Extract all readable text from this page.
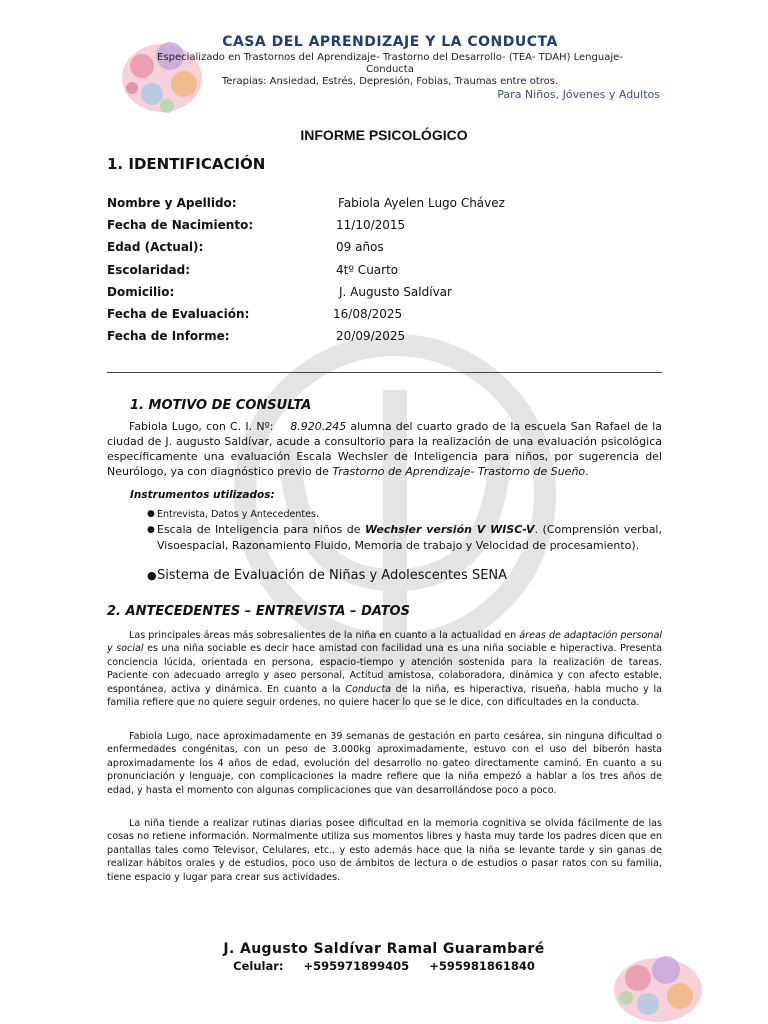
CASA DEL APRENDIZAJE Y LA CONDUCTA
Especializado en Trastornos del Aprendizaje- Trastorno del Desarrollo- (TEA- TDAH) Lenguaje-
Conducta
Terapias: Ansiedad, Estrés, Depresión, Fobias, Traumas entre otros.
Para Niños, Jóvenes y Adultos
INFORME PSICOLÓGICO
1. IDENTIFICACIÓN
Nombre y Apellido:	Fabiola Ayelen Lugo Chávez
Fecha de Nacimiento:	11/10/2015
Edad (Actual):	09 años
Escolaridad:	4tº Cuarto
Domicilio:	J. Augusto Saldívar
Fecha de Evaluación:	16/08/2025
Fecha de Informe:	20/09/2025
1. MOTIVO DE CONSULTA
Fabiola Lugo, con C. I. Nº: 8.920.245 alumna del cuarto grado de la escuela San Rafael de la ciudad de J. augusto Saldívar, acude a consultorio para la realización de una evaluación psicológica específicamente una evaluación Escala Wechsler de Inteligencia para niños, por sugerencia del Neurólogo, ya con diagnóstico previo de Trastorno de Aprendizaje- Trastorno de Sueño.
Instrumentos utilizados:
● Entrevista, Datos y Antecedentes.
● Escala de Inteligencia para niños de Wechsler versión V WISC-V. (Comprensión verbal, Visoespacial, Razonamiento Fluido, Memoria de trabajo y Velocidad de procesamiento).
● Sistema de Evaluación de Niñas y Adolescentes SENA
2. ANTECEDENTES – ENTREVISTA – DATOS
Las principales áreas más sobresalientes de la niña en cuanto a la actualidad en áreas de adaptación personal y social es una niña sociable es decir hace amistad con facilidad una es una niña sociable e hiperactiva. Presenta conciencia lúcida, orientada en persona, espacio-tiempo y atención sostenida para la realización de tareas. Paciente con adecuado arreglo y aseo personal, Actitud amistosa, colaboradora, dinámica y con afecto estable, espontánea, activa y dinámica. En cuanto a la Conducta de la niña, es hiperactiva, risueña, habla mucho y la familia refiere que no quiere seguir ordenes, no quiere hacer lo que se le dice, con dificultades en la conducta.
Fabiola Lugo, nace aproximadamente en 39 semanas de gestación en parto cesárea, sin ninguna dificultad o enfermedades congénitas, con un peso de 3.000kg aproximadamente, estuvo con el uso del biberón hasta aproximadamente los 4 años de edad, evolución del desarrollo no gateo directamente caminó. En cuanto a su pronunciación y lenguaje, con complicaciones la madre refiere que la niña empezó a hablar a los tres años de edad, y hasta el momento con algunas complicaciones que van desarrollándose poco a poco.
La niña tiende a realizar rutinas diarias posee dificultad en la memoria cognitiva se olvida fácilmente de las cosas no retiene información. Normalmente utiliza sus momentos libres y hasta muy tarde los padres dicen que en pantallas tales como Televisor, Celulares, etc., y esto además hace que la niña se levante tarde y sin ganas de realizar hábitos orales y de estudios, poco uso de ámbitos de lectura o de estudios o pasar ratos con su familia, tiene espacio y lugar para crear sus actividades.
J. Augusto Saldívar Ramal Guarambaré
Celular: +595971899405 +595981861840
